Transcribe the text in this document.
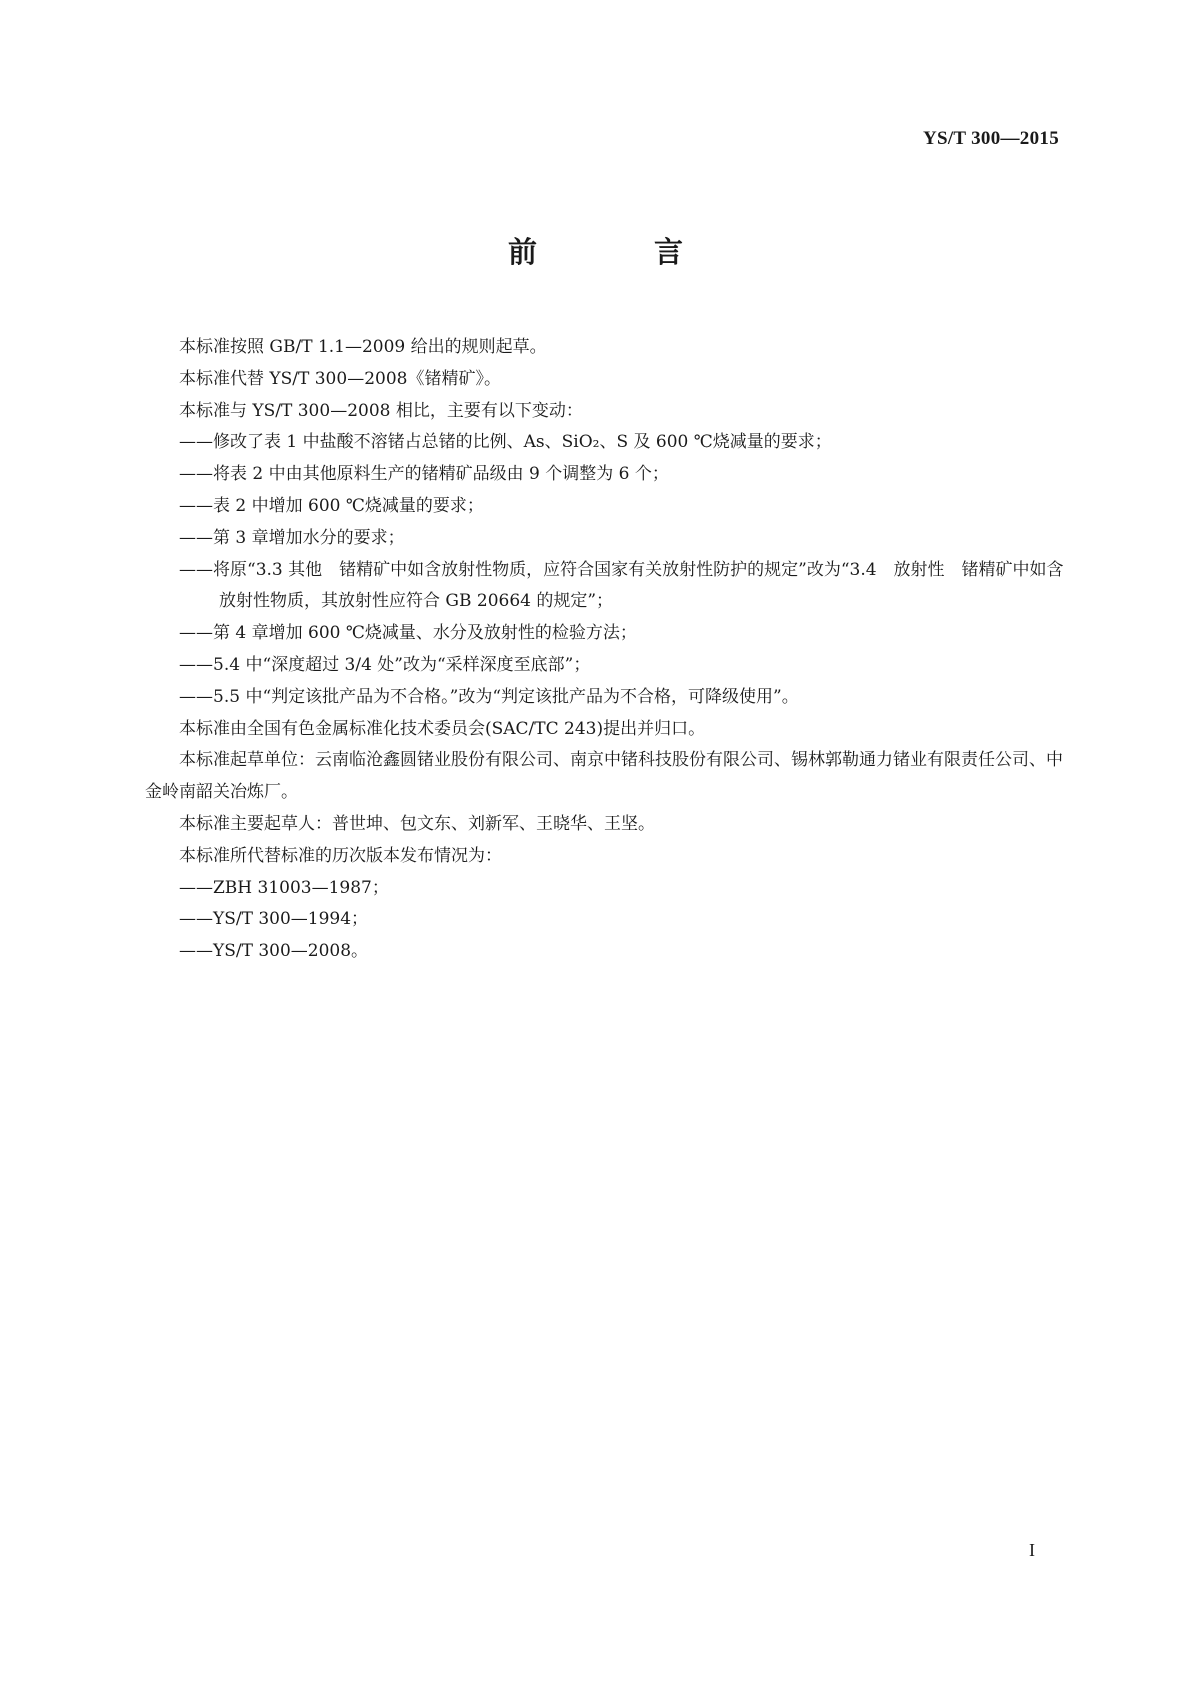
YS/T 300—2015
前　言

本标准按照 GB/T 1.1—2009 给出的规则起草。

本标准代替 YS/T 300—2008《锗精矿》。

本标准与 YS/T 300—2008 相比，主要有以下变动：

——修改了表 1 中盐酸不溶锗占总锗的比例、As、SiO₂、S 及 600 ℃烧减量的要求；

——将表 2 中由其他原料生产的锗精矿品级由 9 个调整为 6 个；

——表 2 中增加 600 ℃烧减量的要求；

——第 3 章增加水分的要求；

——将原“3.3 其他　锗精矿中如含放射性物质，应符合国家有关放射性防护的规定”改为“3.4　放射性　锗精矿中如含放射性物质，其放射性应符合 GB 20664 的规定”；

——第 4 章增加 600 ℃烧减量、水分及放射性的检验方法；

——5.4 中“深度超过 3/4 处”改为“采样深度至底部”；

——5.5 中“判定该批产品为不合格。”改为“判定该批产品为不合格，可降级使用”。

本标准由全国有色金属标准化技术委员会(SAC/TC 243)提出并归口。

本标准起草单位：云南临沧鑫圆锗业股份有限公司、南京中锗科技股份有限公司、锡林郭勒通力锗业有限责任公司、中金岭南韶关冶炼厂。

本标准主要起草人：普世坤、包文东、刘新军、王晓华、王坚。

本标准所代替标准的历次版本发布情况为：

——ZBH 31003—1987；

——YS/T 300—1994；

——YS/T 300—2008。

I
